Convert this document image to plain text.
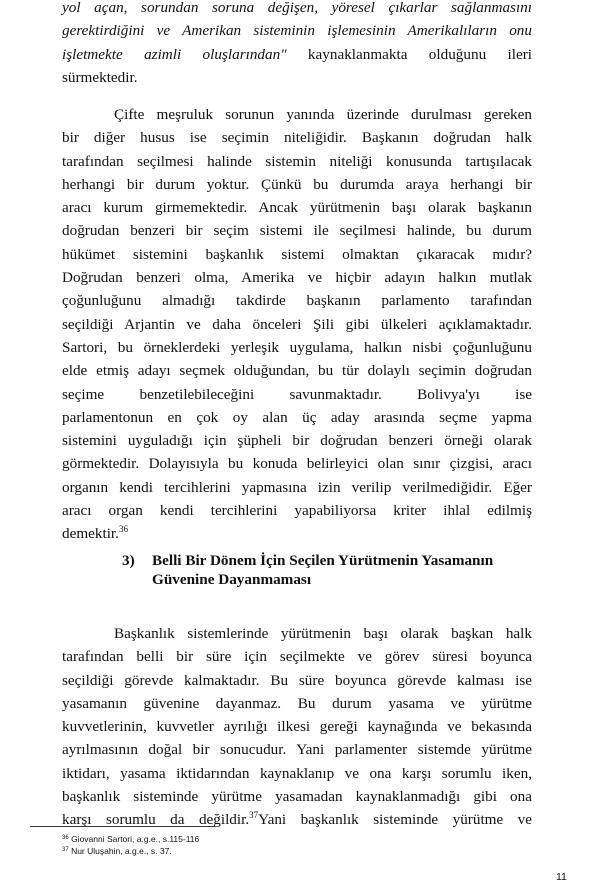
yol açan, sorundan soruna değişen, yöresel çıkarlar sağlanmasını
gerektirdiğini ve Amerikan sisteminin işlemesinin Amerikalıların onu
işletmekte azimli oluşlarından" kaynaklanmakta olduğunu ileri
sürmektedir.
Çifte meşruluk sorunun yanında üzerinde durulması gereken
bir diğer husus ise seçimin niteliğidir. Başkanın doğrudan halk
tarafından seçilmesi halinde sistemin niteliği konusunda tartışılacak
herhangi bir durum yoktur. Çünkü bu durumda araya herhangi bir
aracı kurum girmemektedir. Ancak yürütmenin başı olarak başkanın
doğrudan benzeri bir seçim sistemi ile seçilmesi halinde, bu durum
hükümet sistemini başkanlık sistemi olmaktan çıkaracak mıdır?
Doğrudan benzeri olma, Amerika ve hiçbir adayın halkın mutlak
çoğunluğunu almadığı takdirde başkanın parlamento tarafından
seçildiği Arjantin ve daha önceleri Şili gibi ülkeleri açıklamaktadır.
Sartori, bu örneklerdeki yerleşik uygulama, halkın nisbi çoğunluğunu
elde etmiş adayı seçmek olduğundan, bu tür dolaylı seçimin doğrudan
seçime benzetilebileceğini savunmaktadır. Bolivya'yı ise
parlamentonun en çok oy alan üç aday arasında seçme yapma
sistemini uyguladığı için şüpheli bir doğrudan benzeri örneği olarak
görmektedir. Dolayısıyla bu konuda belirleyici olan sınır çizgisi, aracı
organın kendi tercihlerini yapmasına izin verilip verilmediğidir. Eğer
aracı organ kendi tercihlerini yapabiliyorsa kriter ihlal edilmiş
demektir.$^{36}$
3) Belli Bir Dönem İçin Seçilen Yürütmenin Yasamanın
Güvenine Dayanmaması
Başkanlık sistemlerinde yürütmenin başı olarak başkan halk
tarafından belli bir süre için seçilmekte ve görev süresi boyunca
seçildiği görevde kalmaktadır. Bu süre boyunca görevde kalması ise
yasamanın güvenine dayanmaz. Bu durum yasama ve yürütme
kuvvetlerinin, kuvvetler ayrılığı ilkesi gereği kaynağında ve bekasında
ayrılmasının doğal bir sonucudur. Yani parlamenter sistemde yürütme
iktidarı, yasama iktidarından kaynaklanıp ve ona karşı sorumlu iken,
başkanlık sisteminde yürütme yasamadan kaynaklanmadığı gibi ona
karşı sorumlu da değildir.$^{37}$Yani başkanlık sisteminde yürütme ve
$^{36}$ Giovanni Sartori, a.g.e., s.115-116
$^{37}$ Nur Uluşahin, a.g.e., s. 37.
11
